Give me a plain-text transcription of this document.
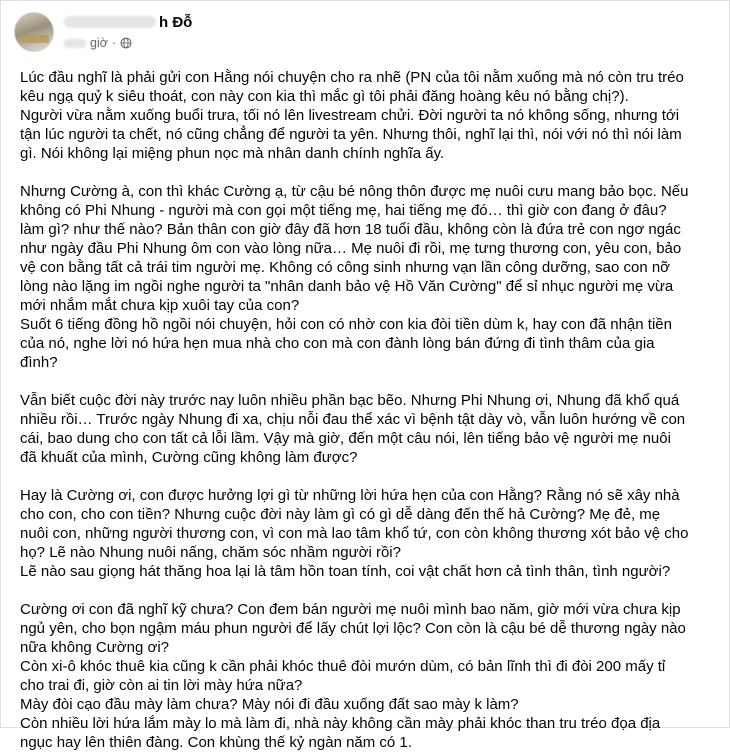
h Đỗ
giờ ·
Lúc đầu nghĩ là phải gửi con Hằng nói chuyện cho ra nhẽ (PN của tôi nằm xuống mà nó còn tru tréo
kêu ngạ quỷ k siêu thoát, con này con kia thì mắc gì tôi phải đăng hoàng kêu nó bằng chị?).
Người vừa nằm xuống buổi trưa, tối nó lên livestream chửi. Đời người ta nó không sống, nhưng tới
tận lúc người ta chết, nó cũng chẳng để người ta yên. Nhưng thôi, nghĩ lại thì, nói với nó thì nói làm
gì. Nói không lại miệng phun nọc mà nhân danh chính nghĩa ấy.
Nhưng Cường à, con thì khác Cường ạ, từ cậu bé nông thôn được mẹ nuôi cưu mang bảo bọc. Nếu
không có Phi Nhung - người mà con gọi một tiếng mẹ, hai tiếng mẹ đó… thì giờ con đang ở đâu?
làm gì? như thế nào? Bản thân con giờ đây đã hơn 18 tuổi đầu, không còn là đứa trẻ con ngơ ngác
như ngày đầu Phi Nhung ôm con vào lòng nữa… Mẹ nuôi đi rồi, mẹ tưng thương con, yêu con, bảo
vệ con bằng tất cả trái tim người mẹ. Không có công sinh nhưng vạn lần công dưỡng, sao con nỡ
lòng nào lặng im ngồi nghe người ta "nhân danh bảo vệ Hồ Văn Cường" để sỉ nhục người mẹ vừa
mới nhắm mắt chưa kịp xuôi tay của con?
Suốt 6 tiếng đồng hồ ngồi nói chuyện, hỏi con có nhờ con kia đòi tiền dùm k, hay con đã nhận tiền
của nó, nghe lời nó hứa hẹn mua nhà cho con mà con đành lòng bán đứng đi tình thâm của gia
đình?
Vẫn biết cuộc đời này trước nay luôn nhiều phần bạc bẽo. Nhưng Phi Nhung ơi, Nhung đã khổ quá
nhiều rồi… Trước ngày Nhung đi xa, chịu nỗi đau thể xác vì bệnh tật dày vò, vẫn luôn hướng về con
cái, bao dung cho con tất cả lỗi lầm. Vậy mà giờ, đến một câu nói, lên tiếng bảo vệ người mẹ nuôi
đã khuất của mình, Cường cũng không làm được?
Hay là Cường ơi, con được hưởng lợi gì từ những lời hứa hẹn của con Hằng? Rằng nó sẽ xây nhà
cho con, cho con tiền? Nhưng cuộc đời này làm gì có gì dễ dàng đến thế hả Cường? Mẹ đẻ, mẹ
nuôi con, những người thương con, vì con mà lao tâm khổ tứ, con còn không thương xót bảo vệ cho
họ? Lẽ nào Nhung nuôi nấng, chăm sóc nhầm người rồi?
Lẽ nào sau giọng hát thăng hoa lại là tâm hồn toan tính, coi vật chất hơn cả tình thân, tình người?
Cường ơi con đã nghĩ kỹ chưa? Con đem bán người mẹ nuôi mình bao năm, giờ mới vừa chưa kịp
ngủ yên, cho bọn ngậm máu phun người để lấy chút lợi lộc? Con còn là cậu bé dễ thương ngày nào
nữa không Cường ơi?
Còn xi-ô khóc thuê kia cũng k cần phải khóc thuê đòi mướn dùm, có bản lĩnh thì đi đòi 200 mấy tỉ
cho trai đi, giờ còn ai tin lời mày hứa nữa?
Mày đòi cạo đầu mày làm chưa? Mày nói đi đầu xuống đất sao mày k làm?
Còn nhiều lời hứa lắm mày lo mà làm đi, nhà này không cần mày phải khóc than tru tréo đọa địa
ngục hay lên thiên đàng. Con khùng thế kỷ ngàn năm có 1.
